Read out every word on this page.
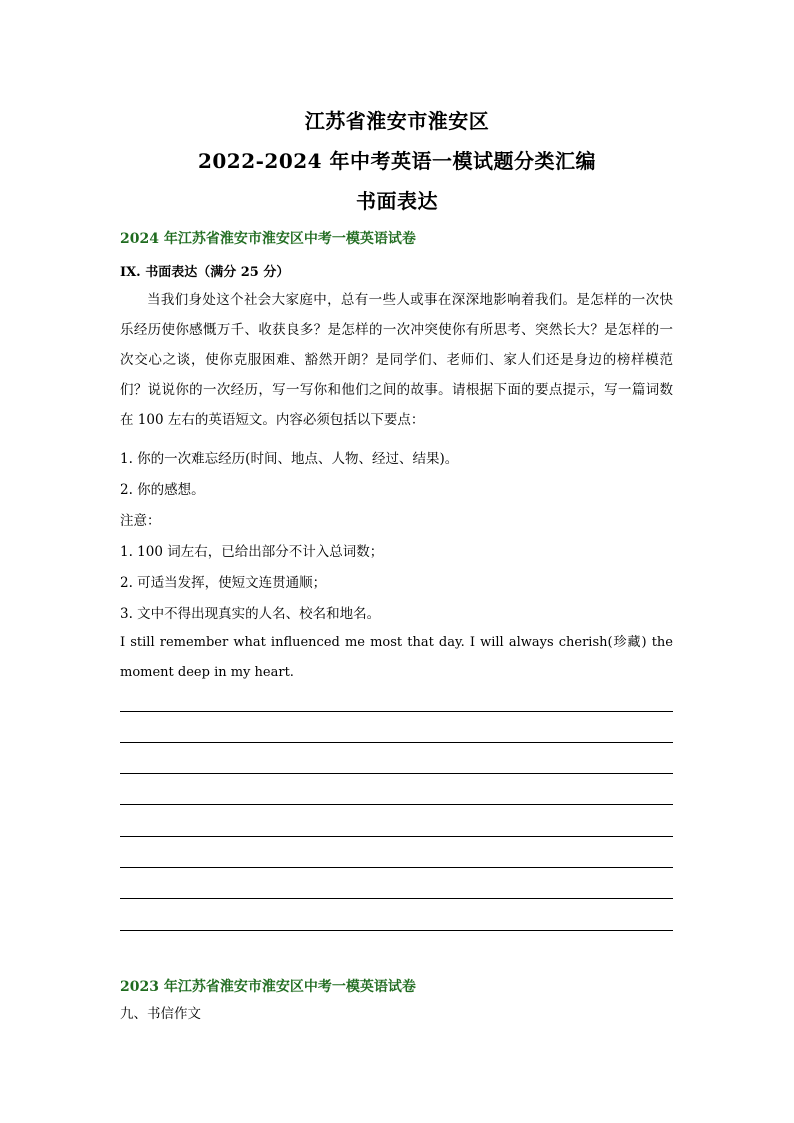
江苏省淮安市淮安区
2022-2024 年中考英语一模试题分类汇编
书面表达
2024 年江苏省淮安市淮安区中考一模英语试卷
IX. 书面表达（满分 25 分）
当我们身处这个社会大家庭中，总有一些人或事在深深地影响着我们。是怎样的一次快乐经历使你感慨万千、收获良多？是怎样的一次冲突使你有所思考、突然长大？是怎样的一次交心之谈，使你克服困难、豁然开朗？是同学们、老师们、家人们还是身边的榜样模范们？说说你的一次经历，写一写你和他们之间的故事。请根据下面的要点提示，写一篇词数在 100 左右的英语短文。内容必须包括以下要点：
1. 你的一次难忘经历(时间、地点、人物、经过、结果)。
2. 你的感想。
注意：
1. 100 词左右，已给出部分不计入总词数；
2. 可适当发挥，使短文连贯通顺；
3. 文中不得出现真实的人名、校名和地名。
I still remember what influenced me most that day. I will always cherish(珍藏) the moment deep in my heart.
2023 年江苏省淮安市淮安区中考一模英语试卷
九、书信作文
